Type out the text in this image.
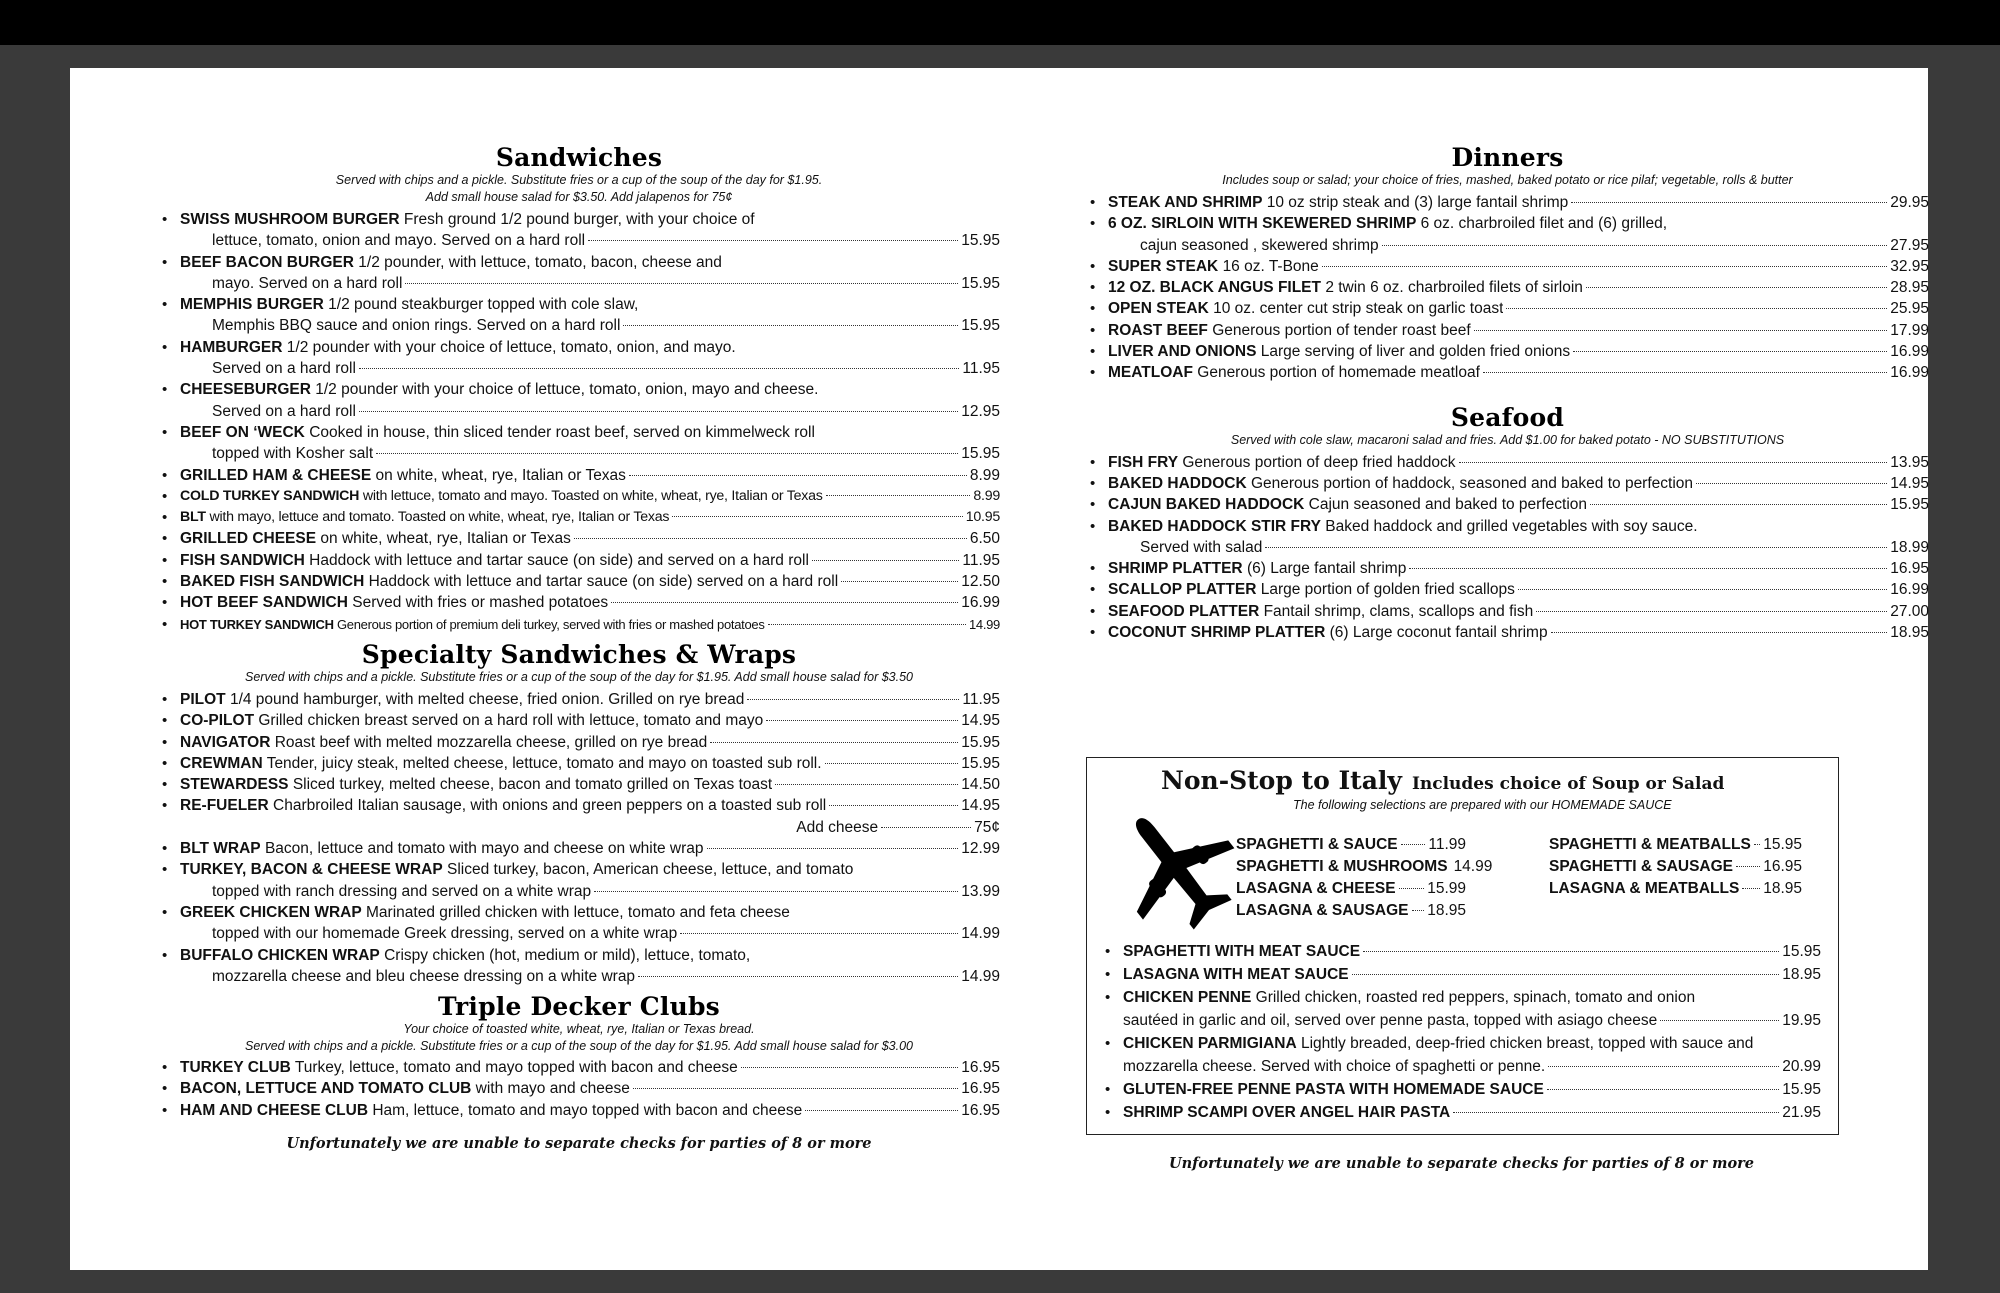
Sandwiches
Served with chips and a pickle. Substitute fries or a cup of the soup of the day for $1.95.
Add small house salad for $3.50. Add jalapenos for 75¢
• SWISS MUSHROOM BURGER Fresh ground 1/2 pound burger, with your choice of
lettuce, tomato, onion and mayo. Served on a hard roll	15.95
• BEEF BACON BURGER 1/2 pounder, with lettuce, tomato, bacon, cheese and
mayo. Served on a hard roll	15.95
• MEMPHIS BURGER 1/2 pound steakburger topped with cole slaw,
Memphis BBQ sauce and onion rings. Served on a hard roll	15.95
• HAMBURGER 1/2 pounder with your choice of lettuce, tomato, onion, and mayo.
Served on a hard roll	11.95
• CHEESEBURGER 1/2 pounder with your choice of lettuce, tomato, onion, mayo and cheese.
Served on a hard roll	12.95
• BEEF ON ‘WECK Cooked in house, thin sliced tender roast beef, served on kimmelweck roll
topped with Kosher salt	15.95
• GRILLED HAM & CHEESE on white, wheat, rye, Italian or Texas	8.99
• COLD TURKEY SANDWICH with lettuce, tomato and mayo. Toasted on white, wheat, rye, Italian or Texas	8.99
• BLT with mayo, lettuce and tomato. Toasted on white, wheat, rye, Italian or Texas	10.95
• GRILLED CHEESE on white, wheat, rye, Italian or Texas	6.50
• FISH SANDWICH Haddock with lettuce and tartar sauce (on side) and served on a hard roll	11.95
• BAKED FISH SANDWICH Haddock with lettuce and tartar sauce (on side) served on a hard roll	12.50
• HOT BEEF SANDWICH Served with fries or mashed potatoes	16.99
• HOT TURKEY SANDWICH Generous portion of premium deli turkey, served with fries or mashed potatoes	14.99
Specialty Sandwiches & Wraps
Served with chips and a pickle. Substitute fries or a cup of the soup of the day for $1.95. Add small house salad for $3.50
• PILOT 1/4 pound hamburger, with melted cheese, fried onion. Grilled on rye bread	11.95
• CO-PILOT Grilled chicken breast served on a hard roll with lettuce, tomato and mayo	14.95
• NAVIGATOR Roast beef with melted mozzarella cheese, grilled on rye bread	15.95
• CREWMAN Tender, juicy steak, melted cheese, lettuce, tomato and mayo on toasted sub roll.	15.95
• STEWARDESS Sliced turkey, melted cheese, bacon and tomato grilled on Texas toast	14.50
• RE-FUELER Charbroiled Italian sausage, with onions and green peppers on a toasted sub roll	14.95
Add cheese	75¢
• BLT WRAP Bacon, lettuce and tomato with mayo and cheese on white wrap	12.99
• TURKEY, BACON & CHEESE WRAP Sliced turkey, bacon, American cheese, lettuce, and tomato
topped with ranch dressing and served on a white wrap	13.99
• GREEK CHICKEN WRAP Marinated grilled chicken with lettuce, tomato and feta cheese
topped with our homemade Greek dressing, served on a white wrap	14.99
• BUFFALO CHICKEN WRAP Crispy chicken (hot, medium or mild), lettuce, tomato,
mozzarella cheese and bleu cheese dressing on a white wrap	14.99
Triple Decker Clubs
Your choice of toasted white, wheat, rye, Italian or Texas bread.
Served with chips and a pickle. Substitute fries or a cup of the soup of the day for $1.95. Add small house salad for $3.00
• TURKEY CLUB Turkey, lettuce, tomato and mayo topped with bacon and cheese	16.95
• BACON, LETTUCE AND TOMATO CLUB with mayo and cheese	16.95
• HAM AND CHEESE CLUB Ham, lettuce, tomato and mayo topped with bacon and cheese	16.95
Unfortunately we are unable to separate checks for parties of 8 or more
Dinners
Includes soup or salad; your choice of fries, mashed, baked potato or rice pilaf; vegetable, rolls & butter
• STEAK AND SHRIMP 10 oz strip steak and (3) large fantail shrimp	29.95
• 6 OZ. SIRLOIN WITH SKEWERED SHRIMP 6 oz. charbroiled filet and (6) grilled,
cajun seasoned , skewered shrimp	27.95
• SUPER STEAK 16 oz. T-Bone	32.95
• 12 OZ. BLACK ANGUS FILET 2 twin 6 oz. charbroiled filets of sirloin	28.95
• OPEN STEAK 10 oz. center cut strip steak on garlic toast	25.95
• ROAST BEEF Generous portion of tender roast beef	17.99
• LIVER AND ONIONS Large serving of liver and golden fried onions	16.99
• MEATLOAF Generous portion of homemade meatloaf	16.99
Seafood
Served with cole slaw, macaroni salad and fries. Add $1.00 for baked potato - NO SUBSTITUTIONS
• FISH FRY Generous portion of deep fried haddock	13.95
• BAKED HADDOCK Generous portion of haddock, seasoned and baked to perfection	14.95
• CAJUN BAKED HADDOCK Cajun seasoned and baked to perfection	15.95
• BAKED HADDOCK STIR FRY Baked haddock and grilled vegetables with soy sauce.
Served with salad	18.99
• SHRIMP PLATTER (6) Large fantail shrimp	16.95
• SCALLOP PLATTER Large portion of golden fried scallops	16.99
• SEAFOOD PLATTER Fantail shrimp, clams, scallops and fish	27.00
• COCONUT SHRIMP PLATTER (6) Large coconut fantail shrimp	18.95
Non-Stop to Italy Includes choice of Soup or Salad
The following selections are prepared with our HOMEMADE SAUCE
SPAGHETTI & SAUCE 11.99
SPAGHETTI & MUSHROOMS 14.99
LASAGNA & CHEESE 15.99
LASAGNA & SAUSAGE 18.95
SPAGHETTI & MEATBALLS 15.95
SPAGHETTI & SAUSAGE 16.95
LASAGNA & MEATBALLS 18.95
• SPAGHETTI WITH MEAT SAUCE	15.95
• LASAGNA WITH MEAT SAUCE	18.95
• CHICKEN PENNE Grilled chicken, roasted red peppers, spinach, tomato and onion
sautéed in garlic and oil, served over penne pasta, topped with asiago cheese	19.95
• CHICKEN PARMIGIANA Lightly breaded, deep-fried chicken breast, topped with sauce and
mozzarella cheese. Served with choice of spaghetti or penne.	20.99
• GLUTEN-FREE PENNE PASTA WITH HOMEMADE SAUCE	15.95
• SHRIMP SCAMPI OVER ANGEL HAIR PASTA	21.95
Unfortunately we are unable to separate checks for parties of 8 or more
